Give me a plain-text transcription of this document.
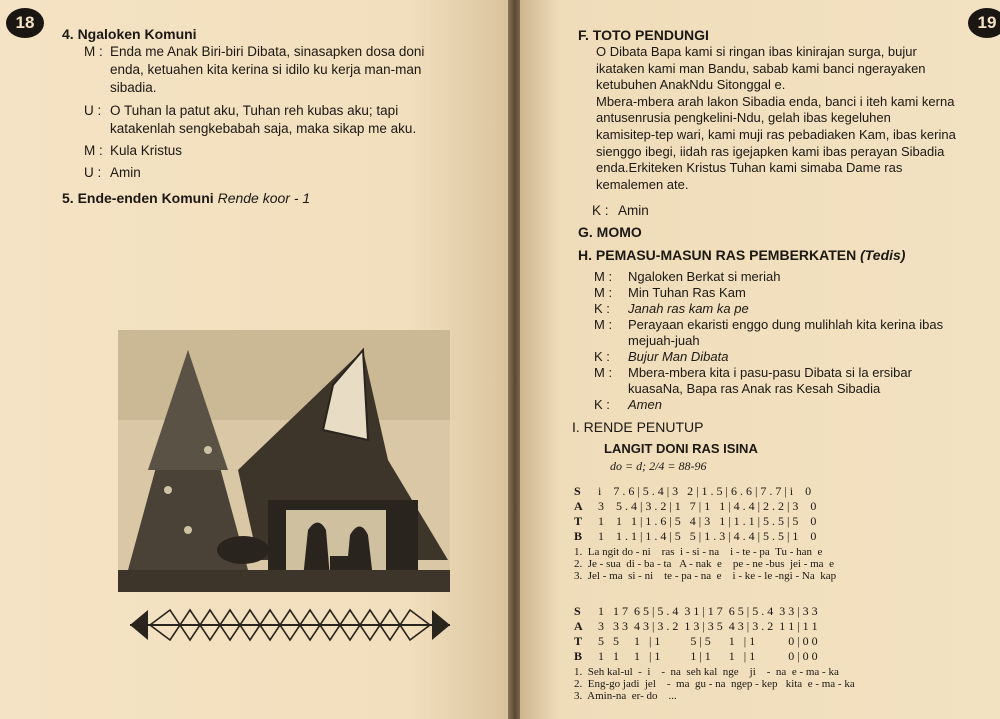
18
4. Ngaloken Komuni
M : Enda me Anak Biri-biri Dibata, sinasapken dosa doni
enda, ketuahen kita kerina si idilo ku kerja man-man
sibadia.
U : O Tuhan la patut aku, Tuhan reh kubas aku; tapi
katakenlah sengkebabah saja, maka sikap me aku.
M : Kula Kristus
U : Amin
5. Ende-enden Komuni Rende koor - 1
19
F. TOTO PENDUNGI
O Dibata Bapa kami si ringan ibas kinirajan surga, bujur
ikataken kami man Bandu, sabab kami banci ngerayaken
ketubuhen AnakNdu Sitonggal e.
Mbera-mbera arah lakon Sibadia enda, banci i iteh kami kerna
antusenrusia pengkelini-Ndu, gelah ibas kegeluhen
kamisitep-tep wari, kami muji ras pebadiaken Kam, ibas kerina
sienggo ibegi, iidah ras igejapken kami ibas perayan Sibadia
enda.Erkiteken Kristus Tuhan kami simaba Dame ras
kemalemen ate.
K : Amin
G. MOMO
H. PEMASU-MASUN RAS PEMBERKATEN (Tedis)
M : Ngaloken Berkat si meriah
M : Min Tuhan Ras Kam
K : Janah ras kam ka pe
M : Perayaan ekaristi enggo dung mulihlah kita kerina ibas
mejuah-juah
K : Bujur Man Dibata
M : Mbera-mbera kita i pasu-pasu Dibata si la ersibar
kuasaNa, Bapa ras Anak ras Kesah Sibadia
K : Amen
I. RENDE PENUTUP
LANGIT DONI RAS ISINA
do = d; 2/4 = 88-96
S i    7 . 6 | 5 . 4 | 3   2 | 1 . 5 | 6 . 6 | 7 . 7 | i    0
A 3    5 . 4 | 3 . 2 | 1   7 | 1   1 | 4 . 4 | 2 . 2 | 3    0
T 1    1   1 | 1 . 6 | 5   4 | 3   1 | 1 . 1 | 5 . 5 | 5    0
B 1    1 . 1 | 1 . 4 | 5   5 | 1 . 3 | 4 . 4 | 5 . 5 | 1    0
1.  La ngit do - ni    ras  i - si - na    i - te - pa  Tu - han  e
2.  Je - sua  di - ba - ta   A - nak  e    pe - ne -bus  jei - ma  e
3.  Jel - ma  si - ni    te - pa - na  e    i - ke - le -ngi - Na  kap
S 1   1 7  6 5 | 5 . 4  3 1 | 1 7  6 5 | 5 . 4  3 3 | 3 3
A 3   3 3  4 3 | 3 . 2  1 3 | 3 5  4 3 | 3 . 2  1 1 | 1 1
T 5   5     1   | 1          5 | 5      1   | 1           0 | 0 0
B 1   1     1   | 1          1 | 1      1   | 1           0 | 0 0
1.  Seh kal-ul  -  i    -  na  seh kal  nge    ji    -  na  e - ma - ka
2.  Eng-go jadi  jel    -  ma  gu - na  ngep - kep   kita  e - ma - ka
3.  Amin-na  er- do    ...
